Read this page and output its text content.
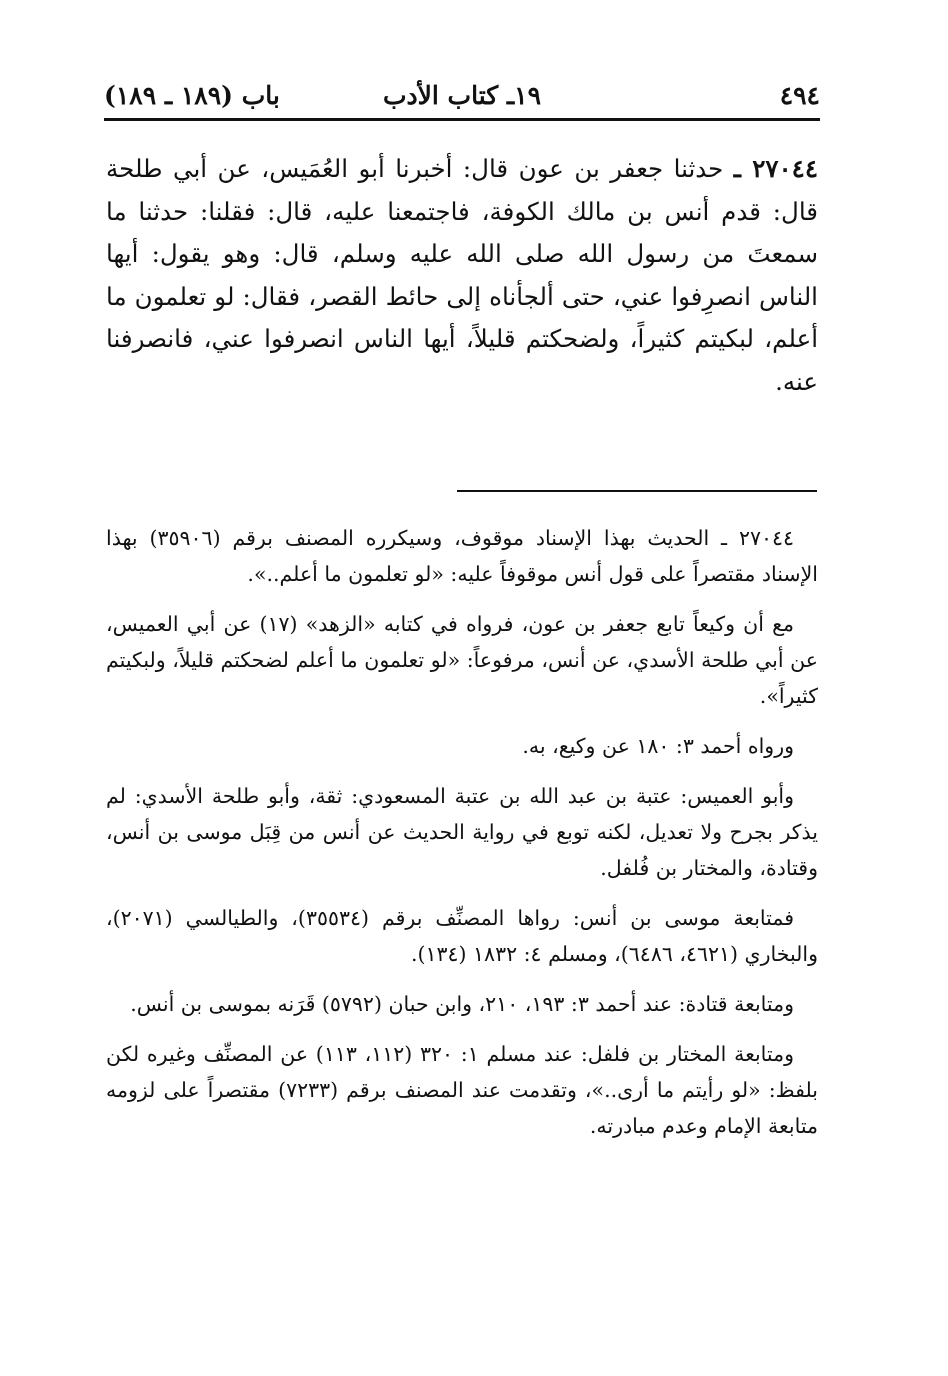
٤٩٤
١٩ـ كتاب الأدب
باب (١٨٩ ـ ١٨٩)

٢٧٠٤٤ ـ حدثنا جعفر بن عون قال: أخبرنا أبو العُمَيس، عن أبي طلحة قال: قدم أنس بن مالك الكوفة، فاجتمعنا عليه، قال: فقلنا: حدثنا ما سمعتَ من رسول الله صلى الله عليه وسلم، قال: وهو يقول: أيها الناس انصرِفوا عني، حتى ألجأناه إلى حائط القصر، فقال: لو تعلمون ما أعلم، لبكيتم كثيراً، ولضحكتم قليلاً، أيها الناس انصرفوا عني، فانصرفنا عنه.

٢٧٠٤٤ ـ الحديث بهذا الإسناد موقوف، وسيكرره المصنف برقم (٣٥٩٠٦) بهذا الإسناد مقتصراً على قول أنس موقوفاً عليه: «لو تعلمون ما أعلم..».

مع أن وكيعاً تابع جعفر بن عون، فرواه في كتابه «الزهد» (١٧) عن أبي العميس، عن أبي طلحة الأسدي، عن أنس، مرفوعاً: «لو تعلمون ما أعلم لضحكتم قليلاً، ولبكيتم كثيراً».

ورواه أحمد ٣: ١٨٠ عن وكيع، به.

وأبو العميس: عتبة بن عبد الله بن عتبة المسعودي: ثقة، وأبو طلحة الأسدي: لم يذكر بجرح ولا تعديل، لكنه توبع في رواية الحديث عن أنس من قِبَل موسى بن أنس، وقتادة، والمختار بن فُلفل.

فمتابعة موسى بن أنس: رواها المصنِّف برقم (٣٥٥٣٤)، والطيالسي (٢٠٧١)، والبخاري (٤٦٢١، ٦٤٨٦)، ومسلم ٤: ١٨٣٢ (١٣٤).

ومتابعة قتادة: عند أحمد ٣: ١٩٣، ٢١٠، وابن حبان (٥٧٩٢) قَرَنه بموسى بن أنس.

ومتابعة المختار بن فلفل: عند مسلم ١: ٣٢٠ (١١٢، ١١٣) عن المصنِّف وغيره لكن بلفظ: «لو رأيتم ما أرى..»، وتقدمت عند المصنف برقم (٧٢٣٣) مقتصراً على لزومه متابعة الإمام وعدم مبادرته.
